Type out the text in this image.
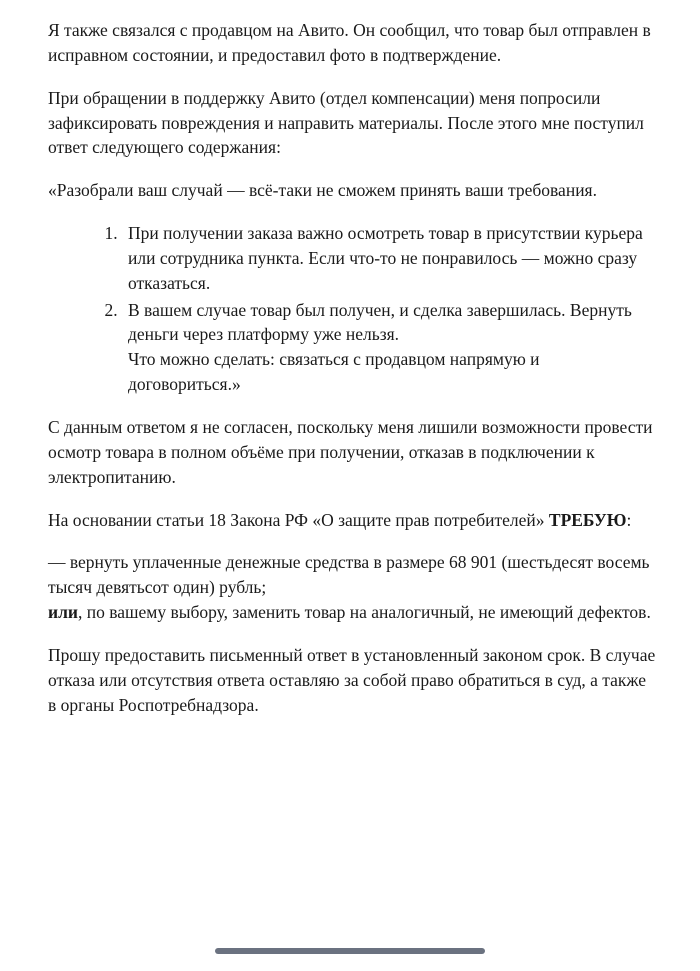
Я также связался с продавцом на Авито. Он сообщил, что товар был отправлен в исправном состоянии, и предоставил фото в подтверждение.

При обращении в поддержку Авито (отдел компенсации) меня попросили зафиксировать повреждения и направить материалы. После этого мне поступил ответ следующего содержания:

«Разобрали ваш случай — всё-таки не сможем принять ваши требования.

1. При получении заказа важно осмотреть товар в присутствии курьера или сотрудника пункта. Если что-то не понравилось — можно сразу отказаться.
2. В вашем случае товар был получен, и сделка завершилась. Вернуть деньги через платформу уже нельзя.
Что можно сделать: связаться с продавцом напрямую и договориться.»

С данным ответом я не согласен, поскольку меня лишили возможности провести осмотр товара в полном объёме при получении, отказав в подключении к электропитанию.

На основании статьи 18 Закона РФ «О защите прав потребителей» ТРЕБУЮ:

— вернуть уплаченные денежные средства в размере 68 901 (шестьдесят восемь тысяч девятьсот один) рубль;
или, по вашему выбору, заменить товар на аналогичный, не имеющий дефектов.

Прошу предоставить письменный ответ в установленный законом срок. В случае отказа или отсутствия ответа оставляю за собой право обратиться в суд, а также в органы Роспотребнадзора.
